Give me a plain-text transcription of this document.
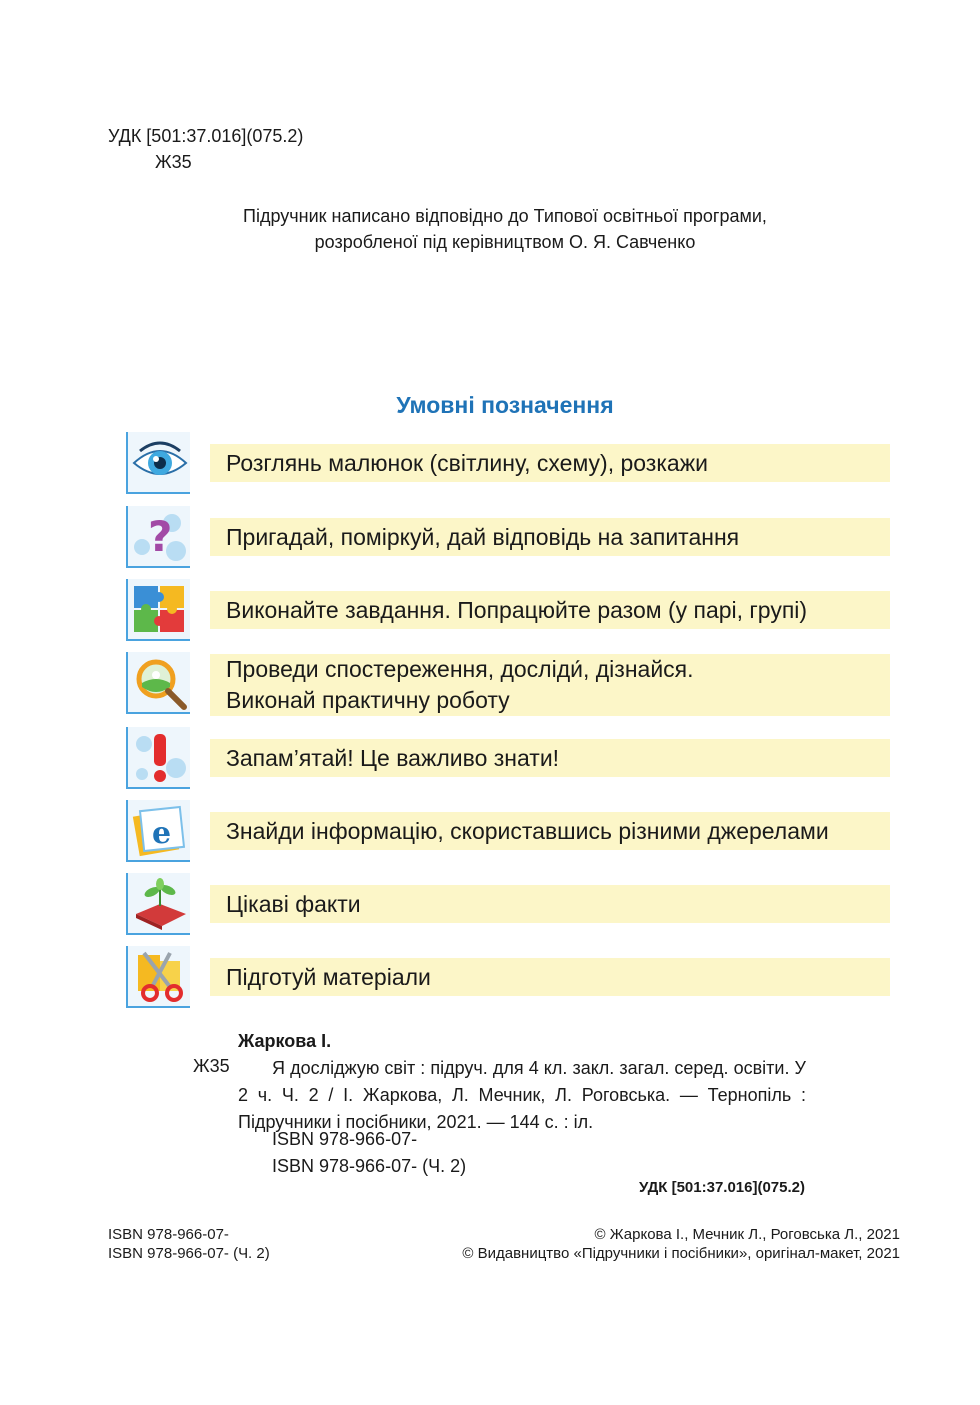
УДК [501:37.016](075.2)
Ж35
Підручник написано відповідно до Типової освітньої програми,
розробленої під керівництвом О. Я. Савченко
Умовні позначення
Розглянь малюнок (світлину, схему), розкажи
? Пригадай, поміркуй, дай відповідь на запитання
Виконайте завдання. Попрацюйте разом (у парі, групі)
Проведи спостереження, досліди́, дізнайся.
Виконай практичну роботу
Запам’ятай! Це важливо знати!
e Знайди інформацію, скориставшись різними джерелами
Цікаві факти
Підготуй матеріали
Жаркова І.
Ж35	Я досліджую світ : підруч. для 4 кл. закл. загал. серед. освіти. У 2 ч. Ч. 2 / І. Жаркова, Л. Мечник, Л. Роговська. — Тернопіль : Підручники і посібники, 2021. — 144 с. : іл.
ISBN 978-966-07-
ISBN 978-966-07- (Ч. 2)
УДК [501:37.016](075.2)
ISBN 978-966-07-
ISBN 978-966-07- (Ч. 2)
© Жаркова І., Мечник Л., Роговська Л., 2021
© Видавництво «Підручники і посібники», оригінал-макет, 2021
